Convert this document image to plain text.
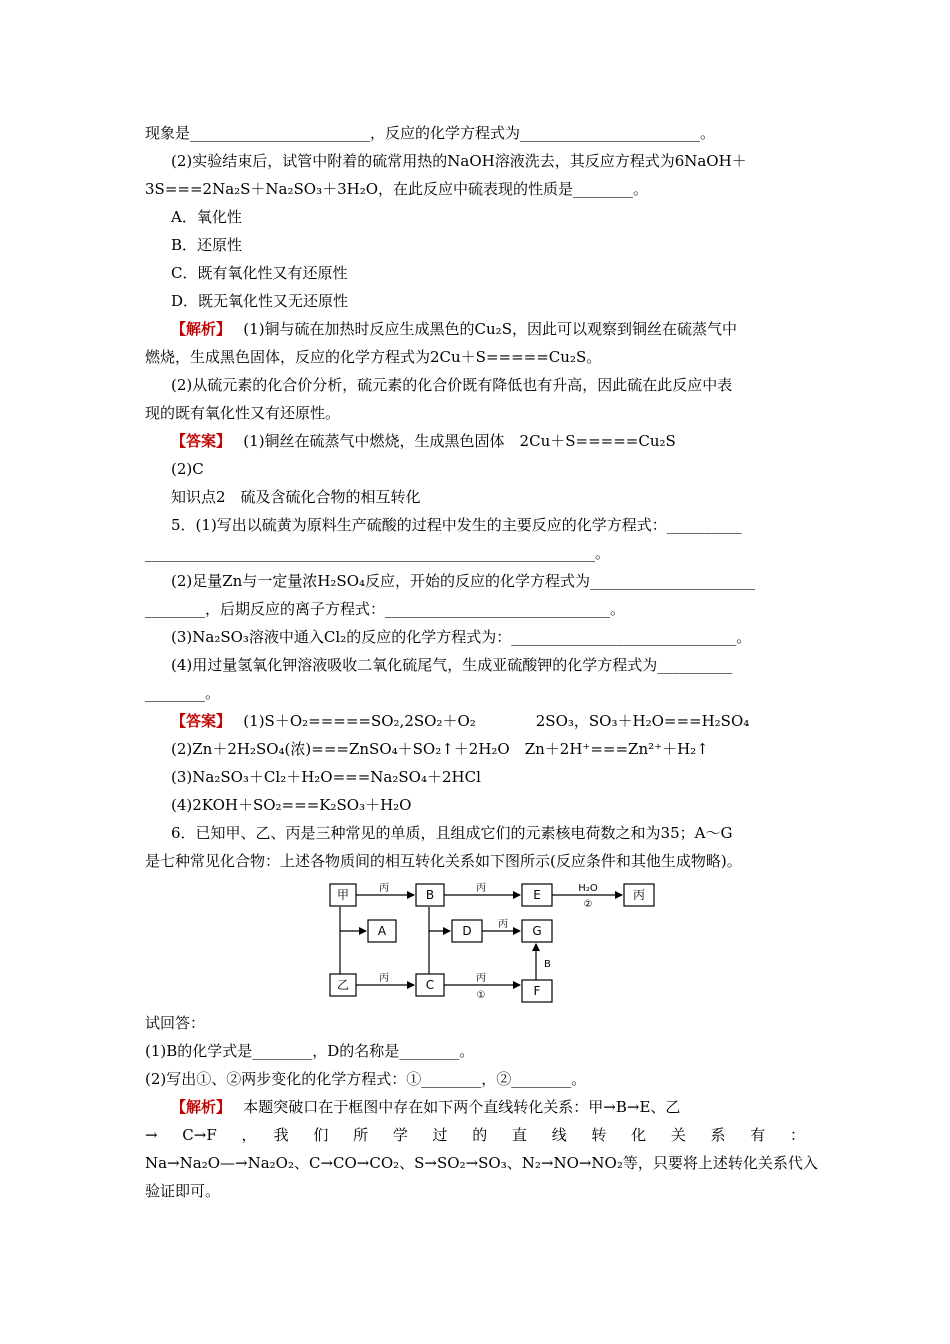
现象是________________________，反应的化学方程式为________________________。
(2)实验结束后，试管中附着的硫常用热的NaOH溶液洗去，其反应方程式为6NaOH＋
3S===2Na₂S＋Na₂SO₃＋3H₂O，在此反应中硫表现的性质是________。
A．氧化性
B．还原性
C．既有氧化性又有还原性
D．既无氧化性又无还原性
【解析】　 (1)铜与硫在加热时反应生成黑色的Cu₂S，因此可以观察到铜丝在硫蒸气中
燃烧，生成黑色固体，反应的化学方程式为2Cu＋S=====Cu₂S。
(2)从硫元素的化合价分析，硫元素的化合价既有降低也有升高，因此硫在此反应中表
现的既有氧化性又有还原性。
【答案】　 (1)铜丝在硫蒸气中燃烧，生成黑色固体　2Cu＋S=====Cu₂S
(2)C
知识点2　硫及含硫化合物的相互转化
5．(1)写出以硫黄为原料生产硫酸的过程中发生的主要反应的化学方程式：__________
____________________________________________________________。
(2)足量Zn与一定量浓H₂SO₄反应，开始的反应的化学方程式为______________________
________，后期反应的离子方程式：______________________________。
(3)Na₂SO₃溶液中通入Cl₂的反应的化学方程式为：______________________________。
(4)用过量氢氧化钾溶液吸收二氧化硫尾气，生成亚硫酸钾的化学方程式为__________
________。
【答案】　 (1)S＋O₂=====SO₂,2SO₂＋O₂　　　　2SO₃，SO₃＋H₂O===H₂SO₄
(2)Zn＋2H₂SO₄(浓)===ZnSO₄＋SO₂↑＋2H₂O　Zn＋2H⁺===Zn²⁺＋H₂↑
(3)Na₂SO₃＋Cl₂＋H₂O===Na₂SO₄＋2HCl
(4)2KOH＋SO₂===K₂SO₃＋H₂O
6．已知甲、乙、丙是三种常见的单质，且组成它们的元素核电荷数之和为35；A～G
是七种常见化合物：上述各物质间的相互转化关系如下图所示(反应条件和其他生成物略)。
甲	B	E	丙
A	D	G
乙	C	F
丙	丙	H₂O
②
丙
丙	丙
①
B
试回答：
(1)B的化学式是________，D的名称是________。
(2)写出①、②两步变化的化学方程式：①________，②________。
【解析】　 本题突破口在于框图中存在如下两个直线转化关系：甲→B→E、乙
→　C→F　，　我　们　所　学　过　的　直　线　转　化　关　系　有　：
Na→Na₂O—→Na₂O₂、C→CO→CO₂、S→SO₂→SO₃、N₂→NO→NO₂等，只要将上述转化关系代入
验证即可。
